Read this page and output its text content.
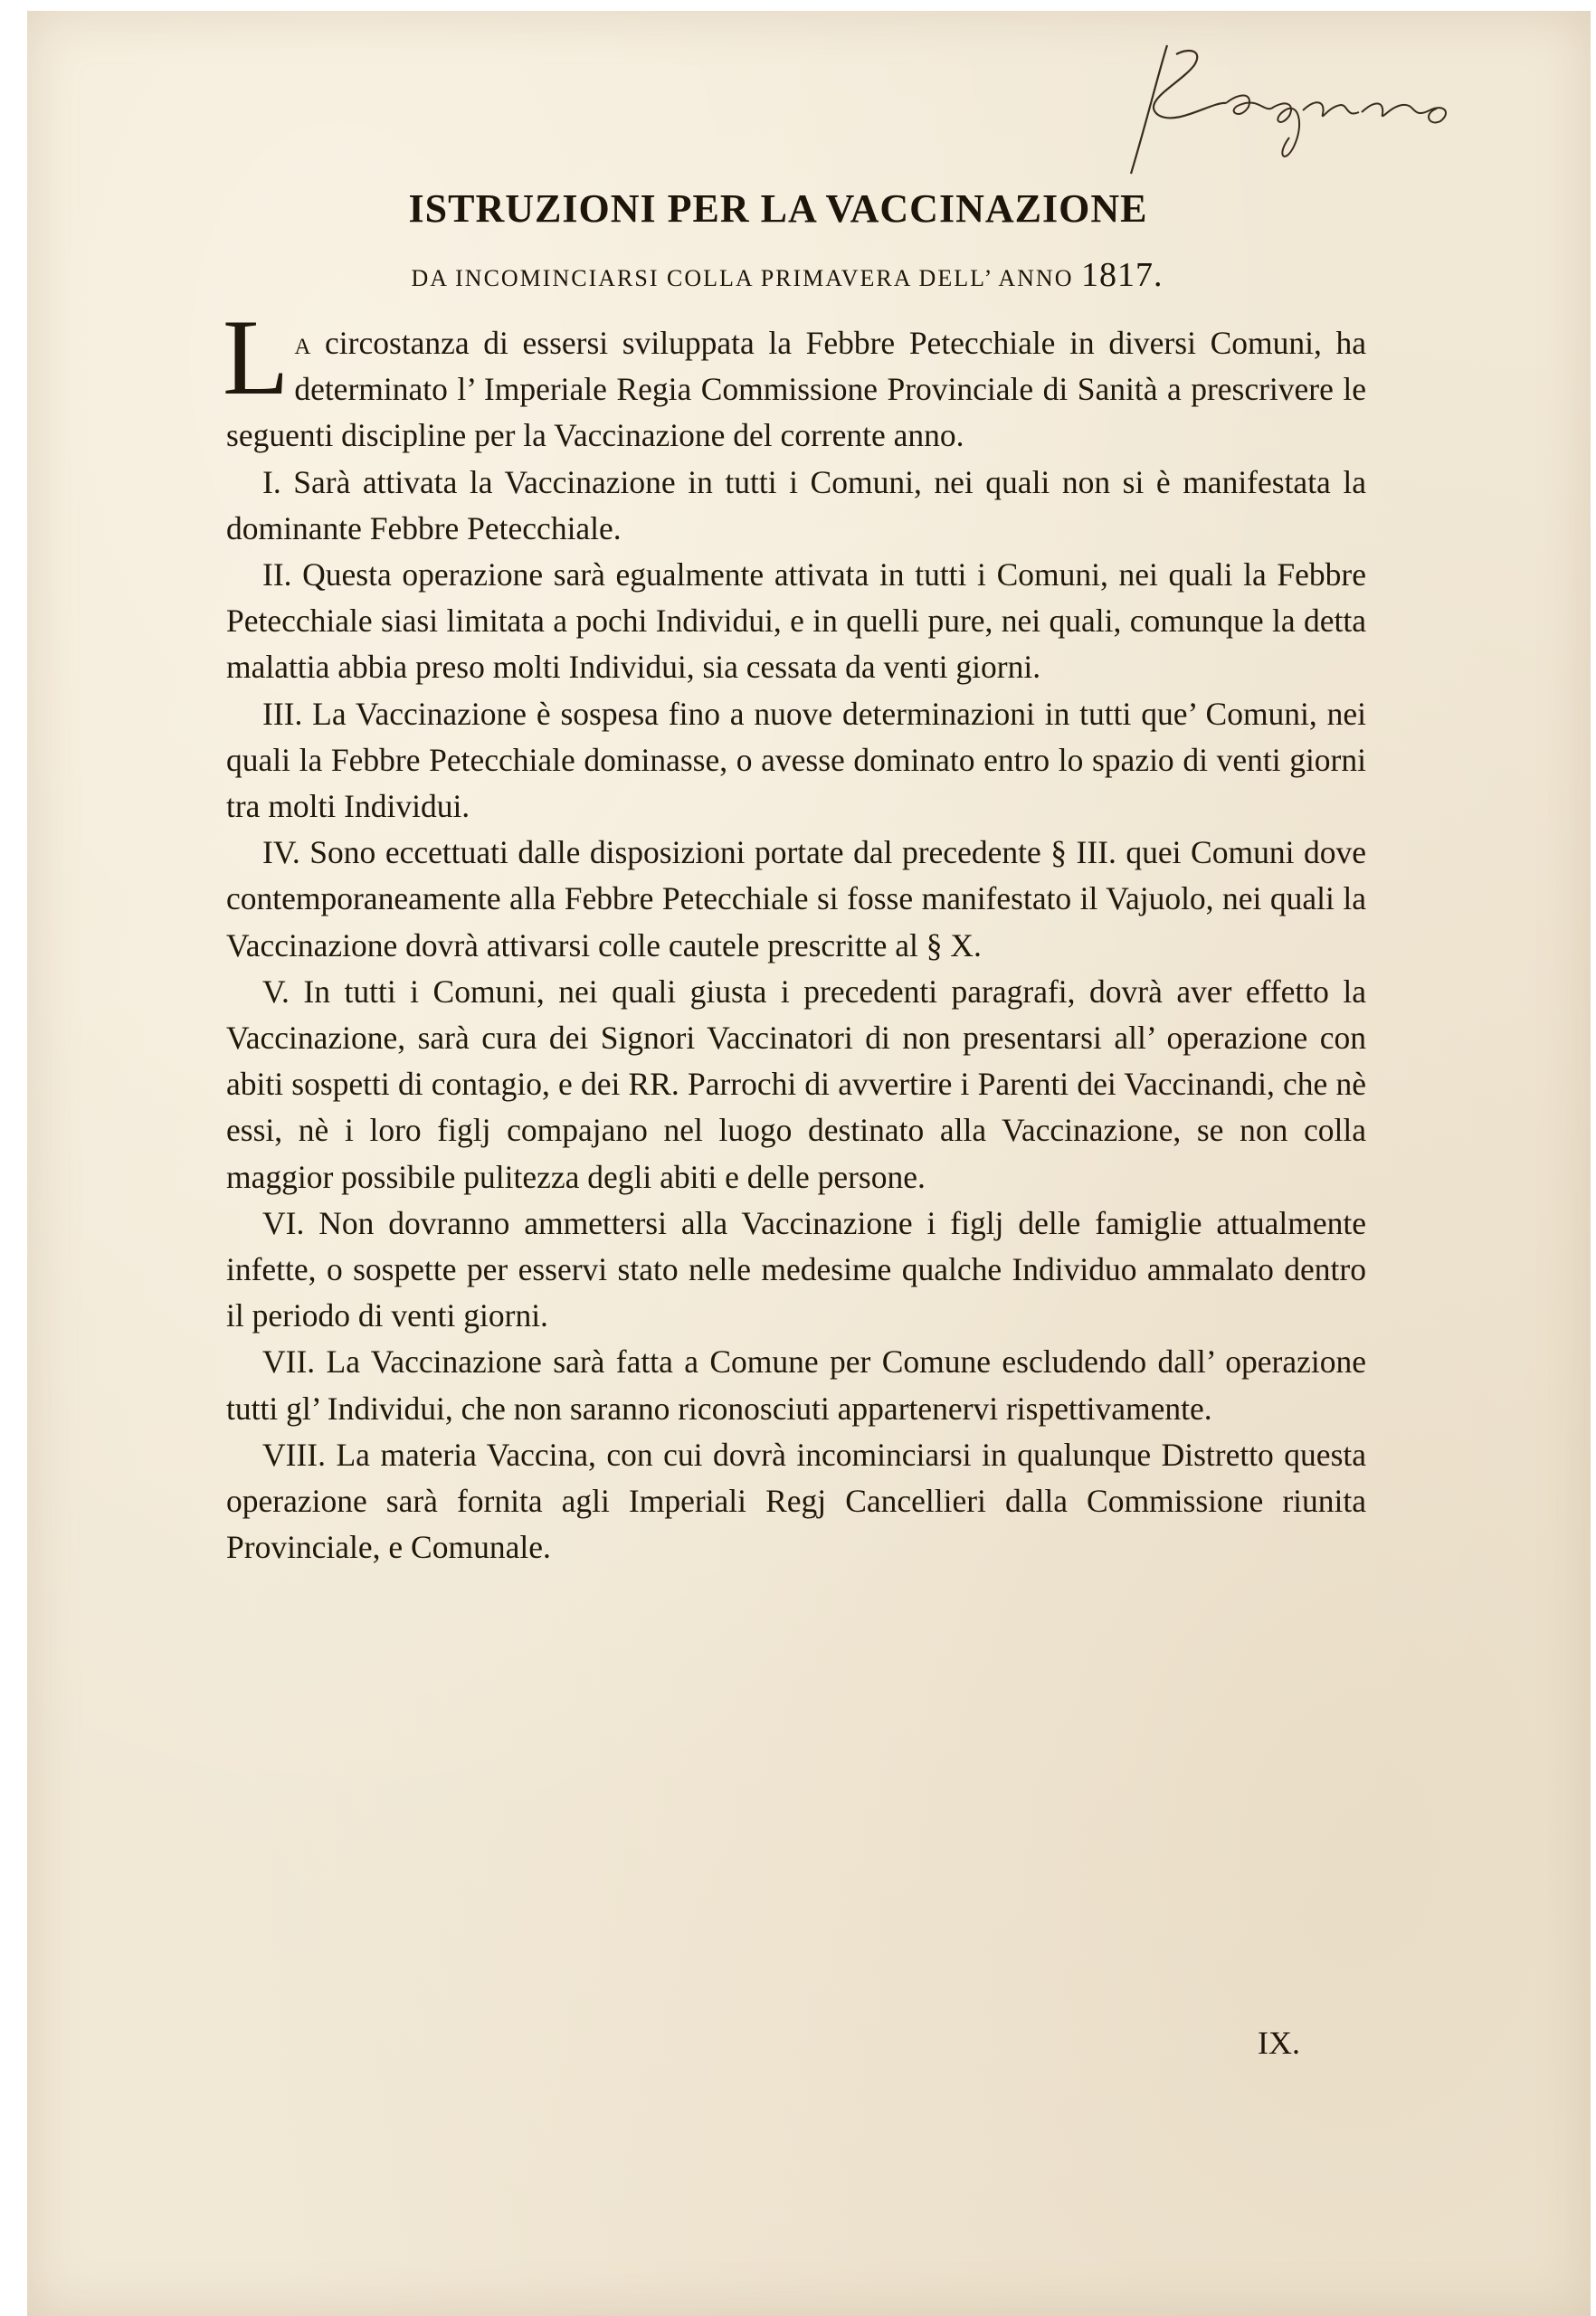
ISTRUZIONI PER LA VACCINAZIONE
DA INCOMINCIARSI COLLA PRIMAVERA DELL’ ANNO 1817.

La circostanza di essersi sviluppata la Febbre Petecchiale in diversi Comuni, ha determinato l’ Imperiale Regia Commissione Provinciale di Sanità a prescrivere le seguenti discipline per la Vaccinazione del corrente anno.

I. Sarà attivata la Vaccinazione in tutti i Comuni, nei quali non si è manifestata la dominante Febbre Petecchiale.

II. Questa operazione sarà egualmente attivata in tutti i Comuni, nei quali la Febbre Petecchiale siasi limitata a pochi Individui, e in quelli pure, nei quali, comunque la detta malattia abbia preso molti Individui, sia cessata da venti giorni.

III. La Vaccinazione è sospesa fino a nuove determinazioni in tutti que’ Comuni, nei quali la Febbre Petecchiale dominasse, o avesse dominato entro lo spazio di venti giorni tra molti Individui.

IV. Sono eccettuati dalle disposizioni portate dal precedente § III. quei Comuni dove contemporaneamente alla Febbre Petecchiale si fosse manifestato il Vajuolo, nei quali la Vaccinazione dovrà attivarsi colle cautele prescritte al § X.

V. In tutti i Comuni, nei quali giusta i precedenti paragrafi, dovrà aver effetto la Vaccinazione, sarà cura dei Signori Vaccinatori di non presentarsi all’ operazione con abiti sospetti di contagio, e dei RR. Parrochi di avvertire i Parenti dei Vaccinandi, che nè essi, nè i loro figlj compajano nel luogo destinato alla Vaccinazione, se non colla maggior possibile pulitezza degli abiti e delle persone.

VI. Non dovranno ammettersi alla Vaccinazione i figlj delle famiglie attualmente infette, o sospette per esservi stato nelle medesime qualche Individuo ammalato dentro il periodo di venti giorni.

VII. La Vaccinazione sarà fatta a Comune per Comune escludendo dall’ operazione tutti gl’ Individui, che non saranno riconosciuti appartenervi rispettivamente.

VIII. La materia Vaccina, con cui dovrà incominciarsi in qualunque Distretto questa operazione sarà fornita agli Imperiali Regj Cancellieri dalla Commissione riunita Provinciale, e Comunale.

IX.
